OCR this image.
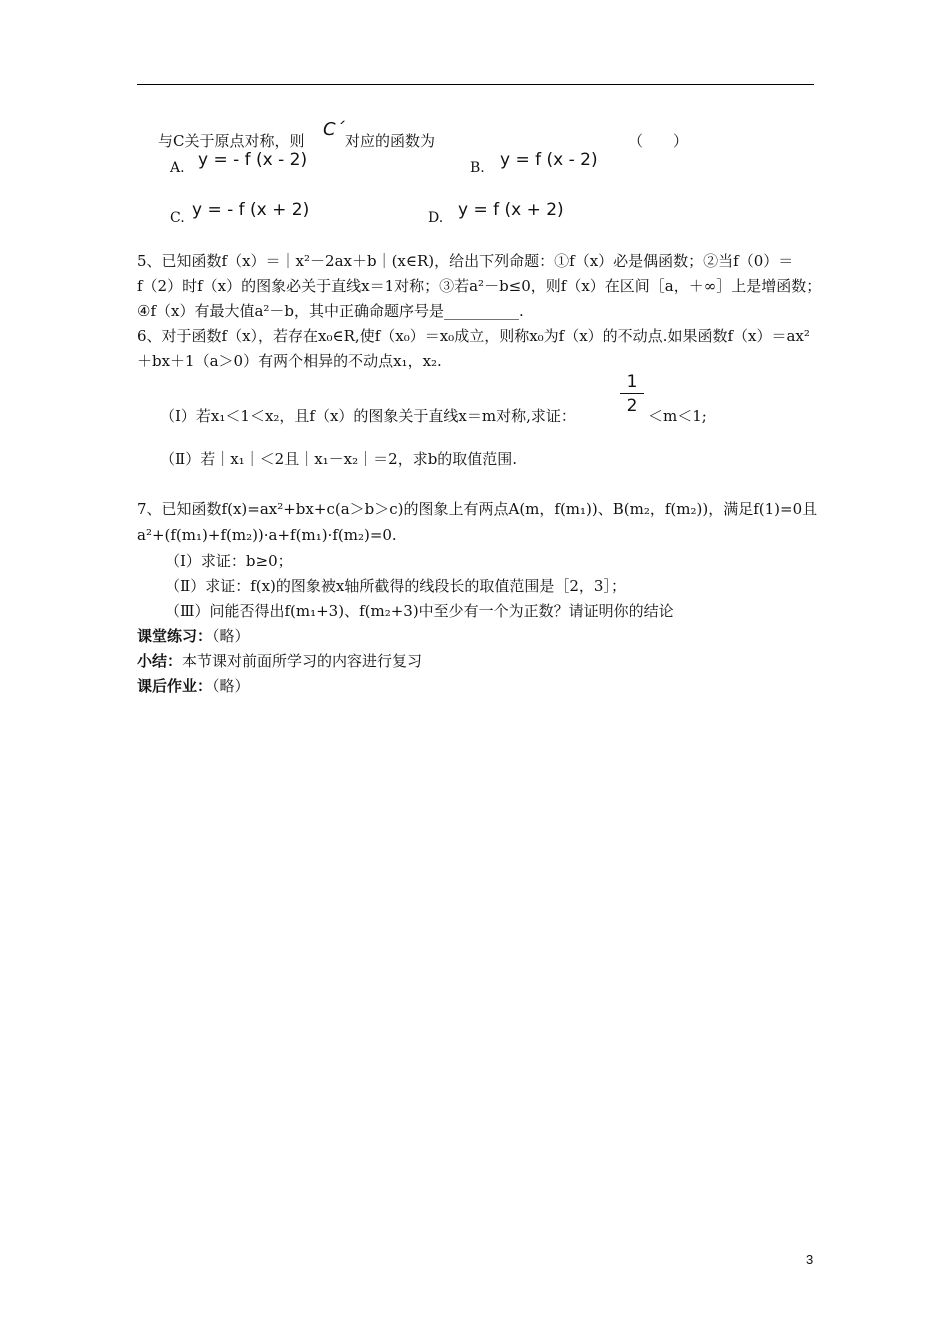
与C关于原点对称，则
C´
对应的函数为	（　　）
A. y = - f (x - 2)	B. y = f (x - 2)
C. y = - f (x + 2)	D. y = f (x + 2)
5、已知函数f（x）＝｜x²－2ax＋b｜(x∈R)，给出下列命题：①f（x）必是偶函数；②当f（0）＝
f（2）时f（x）的图象必关于直线x＝1对称；③若a²－b≤0，则f（x）在区间［a，＋∞］上是增函数；
④f（x）有最大值a²－b，其中正确命题序号是__________.
6、对于函数f（x），若存在x₀∈R,使f（x₀）＝x₀成立，则称x₀为f（x）的不动点.如果函数f（x）＝ax²
＋bx＋1（a＞0）有两个相异的不动点x₁，x₂.
（Ⅰ）若x₁＜1＜x₂，且f（x）的图象关于直线x＝m对称,求证：	$\frac{1}{2} <m<1$;
（Ⅱ）若｜x₁｜＜2且｜x₁－x₂｜＝2，求b的取值范围.
7、已知函数f(x)=ax²+bx+c(a＞b＞c)的图象上有两点A(m，f(m₁))、B(m₂，f(m₂))，满足f(1)=0且
a²+(f(m₁)+f(m₂))·a+f(m₁)·f(m₂)=0.
（Ⅰ）求证：b≥0；
（Ⅱ）求证：f(x)的图象被x轴所截得的线段长的取值范围是［2，3］；
（Ⅲ）问能否得出f(m₁+3)、f(m₂+3)中至少有一个为正数？请证明你的结论
课堂练习：（略）
小结：本节课对前面所学习的内容进行复习
课后作业：（略）
3
